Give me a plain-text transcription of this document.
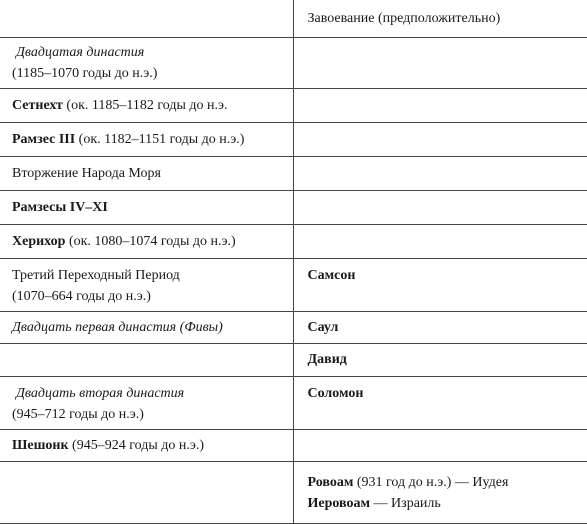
	Завоевание (предположительно)

Двадцатая династия
(1185–1070 годы до н.э.)	

Сетнехт (ок. 1185–1182 годы до н.э.	
Рамзес III (ок. 1182–1151 годы до н.э.)	
Вторжение Народа Моря	
Рамзесы IV–XI	
Херихор (ок. 1080–1074 годы до н.э.)	

Третий Переходный Период
(1070–664 годы до н.э.)	Самсон
Двадцать первая династия (Фивы)	Саул
	Давид

Двадцать вторая династия
(945–712 годы до н.э.)	Соломон
Шешонк (945–924 годы до н.э.)	

	Ровоам (931 год до н.э.) — Иудея
Иеровоам — Израиль
